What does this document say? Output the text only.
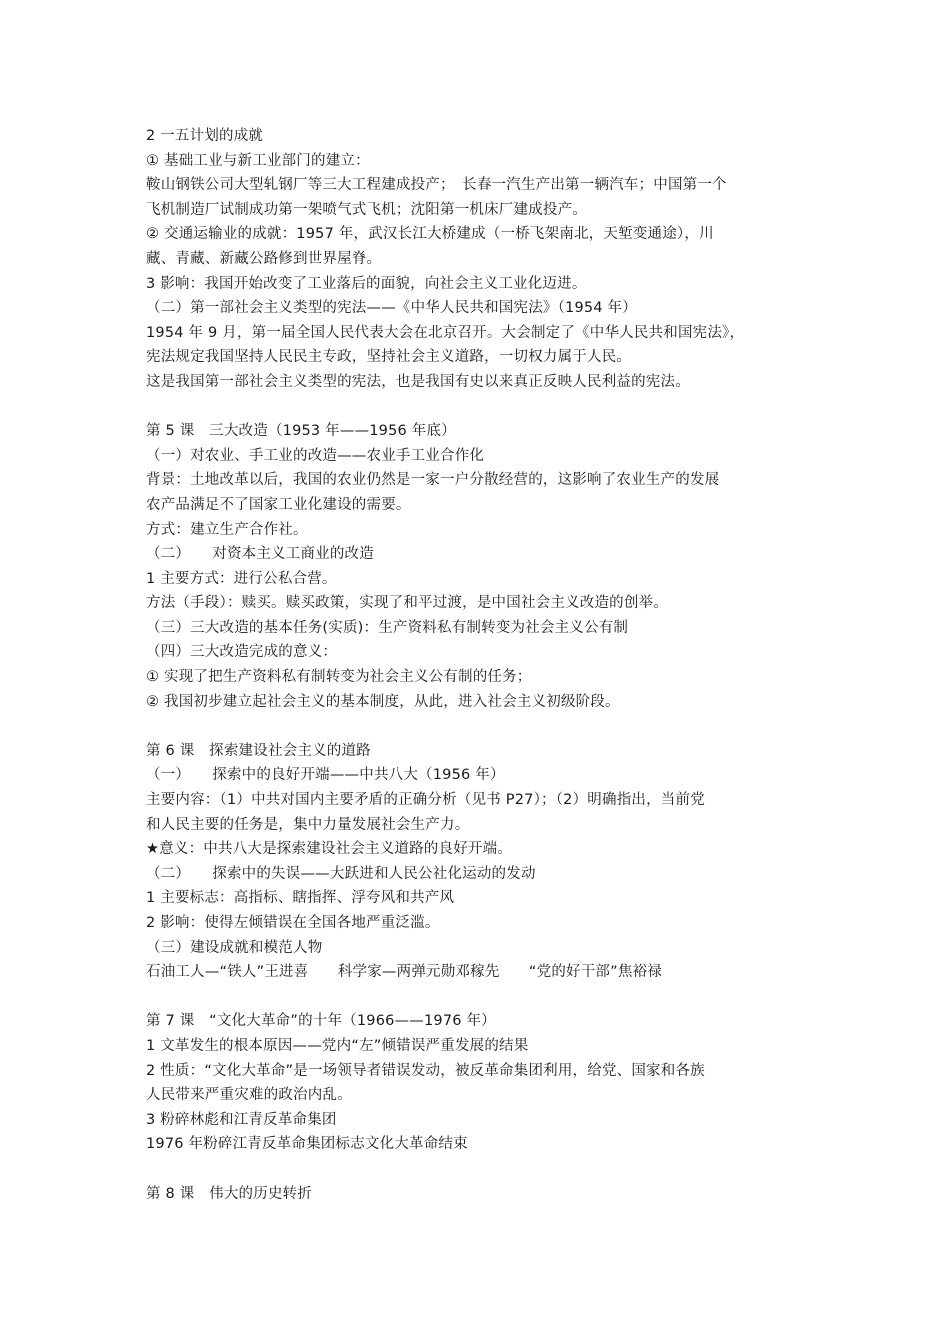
2 一五计划的成就
① 基础工业与新工业部门的建立：
鞍山钢铁公司大型轧钢厂等三大工程建成投产；　长春一汽生产出第一辆汽车；中国第一个
飞机制造厂试制成功第一架喷气式飞机；沈阳第一机床厂建成投产。
② 交通运输业的成就：1957 年，武汉长江大桥建成（一桥飞架南北，天堑变通途），川
藏、青藏、新藏公路修到世界屋脊。
3 影响：我国开始改变了工业落后的面貌，向社会主义工业化迈进。
（二）第一部社会主义类型的宪法——《中华人民共和国宪法》（1954 年）
1954 年 9 月，第一届全国人民代表大会在北京召开。大会制定了《中华人民共和国宪法》，
宪法规定我国坚持人民民主专政，坚持社会主义道路，一切权力属于人民。
这是我国第一部社会主义类型的宪法，也是我国有史以来真正反映人民利益的宪法。
第 5 课　三大改造（1953 年——1956 年底）
（一）对农业、手工业的改造——农业手工业合作化
背景：土地改革以后，我国的农业仍然是一家一户分散经营的，这影响了农业生产的发展
农产品满足不了国家工业化建设的需要。
方式：建立生产合作社。
（二）　　对资本主义工商业的改造
1 主要方式：进行公私合营。
方法（手段）：赎买。赎买政策，实现了和平过渡，是中国社会主义改造的创举。
（三）三大改造的基本任务(实质)：生产资料私有制转变为社会主义公有制
（四）三大改造完成的意义：
① 实现了把生产资料私有制转变为社会主义公有制的任务；
② 我国初步建立起社会主义的基本制度，从此，进入社会主义初级阶段。
第 6 课　探索建设社会主义的道路
（一）　　探索中的良好开端——中共八大（1956 年）
主要内容：（1）中共对国内主要矛盾的正确分析（见书 P27）；（2）明确指出，当前党
和人民主要的任务是，集中力量发展社会生产力。
★意义：中共八大是探索建设社会主义道路的良好开端。
（二）　　探索中的失误——大跃进和人民公社化运动的发动
1 主要标志：高指标、瞎指挥、浮夸风和共产风
2 影响：使得左倾错误在全国各地严重泛滥。
（三）建设成就和模范人物
石油工人—“铁人”王进喜　　科学家—两弹元勋邓稼先　　“党的好干部”焦裕禄
第 7 课　“文化大革命”的十年（1966——1976 年）
1 文革发生的根本原因——党内“左”倾错误严重发展的结果
2 性质：“文化大革命”是一场领导者错误发动，被反革命集团利用，给党、国家和各族
人民带来严重灾难的政治内乱。
3 粉碎林彪和江青反革命集团
1976 年粉碎江青反革命集团标志文化大革命结束
第 8 课　伟大的历史转折
